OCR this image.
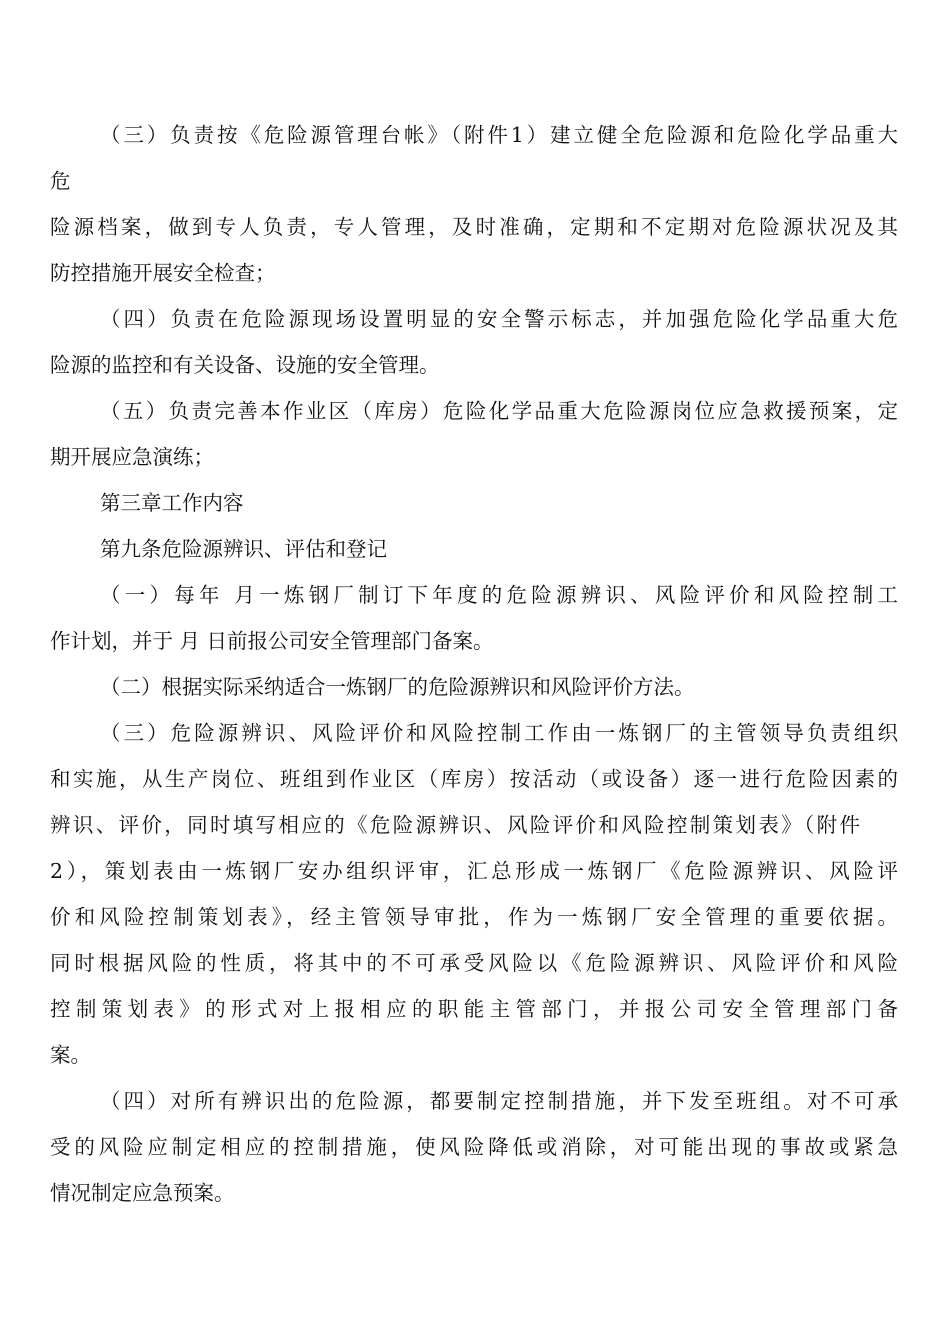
（三）负责按《危险源管理台帐》（附件1）建立健全危险源和危险化学品重大
危
险源档案，做到专人负责，专人管理，及时准确，定期和不定期对危险源状况及其
防控措施开展安全检查；
（四）负责在危险源现场设置明显的安全警示标志，并加强危险化学品重大危
险源的监控和有关设备、设施的安全管理。
（五）负责完善本作业区（库房）危险化学品重大危险源岗位应急救援预案，定
期开展应急演练；
第三章工作内容
第九条危险源辨识、评估和登记
（一）每年 月一炼钢厂制订下年度的危险源辨识、风险评价和风险控制工
作计划，并于 月 日前报公司安全管理部门备案。
（二）根据实际采纳适合一炼钢厂的危险源辨识和风险评价方法。
（三）危险源辨识、风险评价和风险控制工作由一炼钢厂的主管领导负责组织
和实施，从生产岗位、班组到作业区（库房）按活动（或设备）逐一进行危险因素的
辨识、评价，同时填写相应的《危险源辨识、风险评价和风险控制策划表》（附件
2），策划表由一炼钢厂安办组织评审，汇总形成一炼钢厂《危险源辨识、风险评
价和风险控制策划表》，经主管领导审批，作为一炼钢厂安全管理的重要依据。
同时根据风险的性质，将其中的不可承受风险以《危险源辨识、风险评价和风险
控制策划表》的形式对上报相应的职能主管部门，并报公司安全管理部门备
案。
（四）对所有辨识出的危险源，都要制定控制措施，并下发至班组。对不可承
受的风险应制定相应的控制措施，使风险降低或消除，对可能出现的事故或紧急
情况制定应急预案。
